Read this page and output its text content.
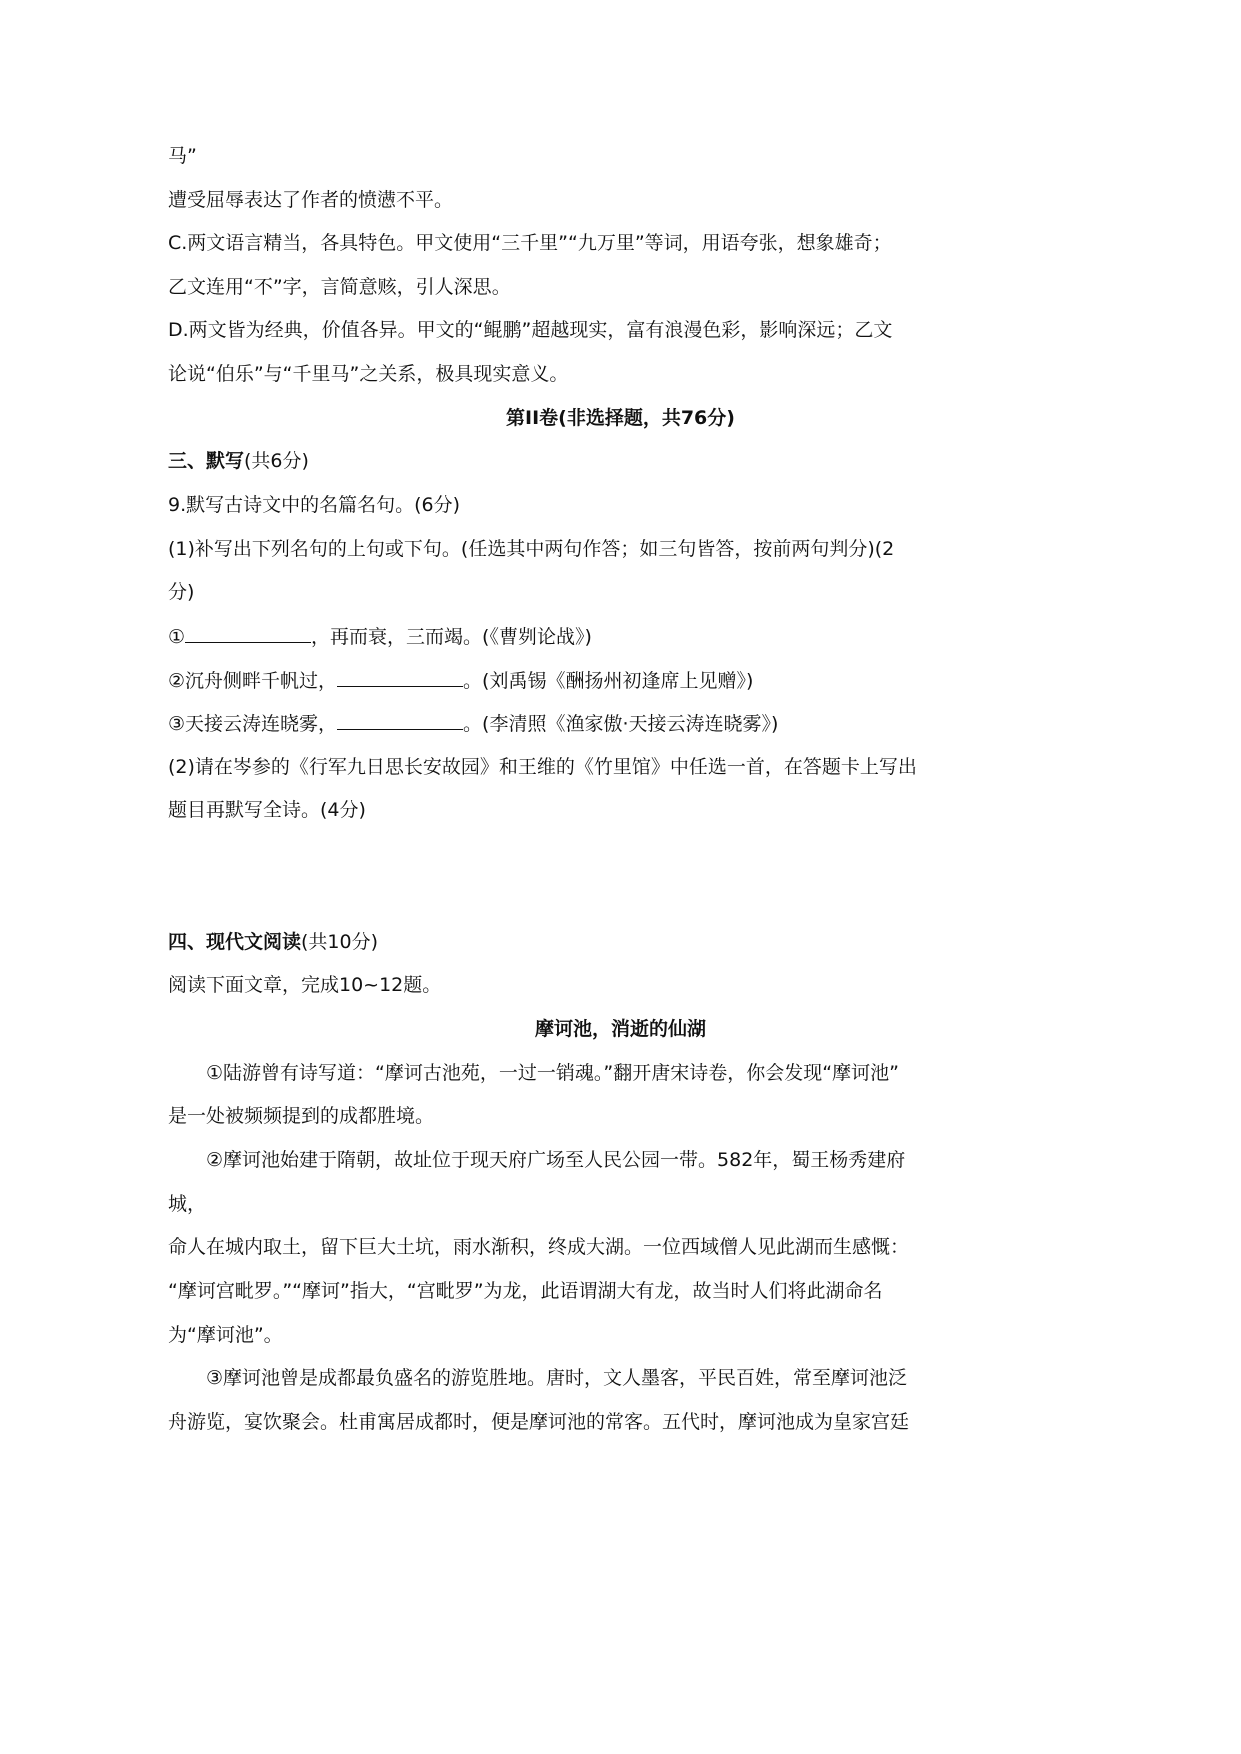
马”
遭受屈辱表达了作者的愤懑不平。
C.两文语言精当，各具特色。甲文使用“三千里”“九万里”等词，用语夸张，想象雄奇；
乙文连用“不”字，言简意赅，引人深思。
D.两文皆为经典，价值各异。甲文的“鲲鹏”超越现实，富有浪漫色彩，影响深远；乙文
论说“伯乐”与“千里马”之关系，极具现实意义。
第II卷(非选择题，共76分)
三、默写(共6分)
9.默写古诗文中的名篇名句。(6分)
(1)补写出下列名句的上句或下句。(任选其中两句作答；如三句皆答，按前两句判分)(2
分)
①	，再而衰，三而竭。(《曹刿论战》)
②沉舟侧畔千帆过，	。(刘禹锡《酬扬州初逢席上见赠》)
③天接云涛连晓雾，	。(李清照《渔家傲·天接云涛连晓雾》)
(2)请在岑参的《行军九日思长安故园》和王维的《竹里馆》中任选一首，在答题卡上写出
题目再默写全诗。(4分)
四、现代文阅读(共10分)
阅读下面文章，完成10~12题。
摩诃池，消逝的仙湖
①陆游曾有诗写道：“摩诃古池苑，一过一销魂。”翻开唐宋诗卷，你会发现“摩诃池”
是一处被频频提到的成都胜境。
②摩诃池始建于隋朝，故址位于现天府广场至人民公园一带。582年，蜀王杨秀建府
城，
命人在城内取土，留下巨大土坑，雨水渐积，终成大湖。一位西域僧人见此湖而生感慨：
“摩诃宫毗罗。”“摩诃”指大，“宫毗罗”为龙，此语谓湖大有龙，故当时人们将此湖命名
为“摩诃池”。
③摩诃池曾是成都最负盛名的游览胜地。唐时，文人墨客，平民百姓，常至摩诃池泛
舟游览，宴饮聚会。杜甫寓居成都时，便是摩诃池的常客。五代时，摩诃池成为皇家宫廷
